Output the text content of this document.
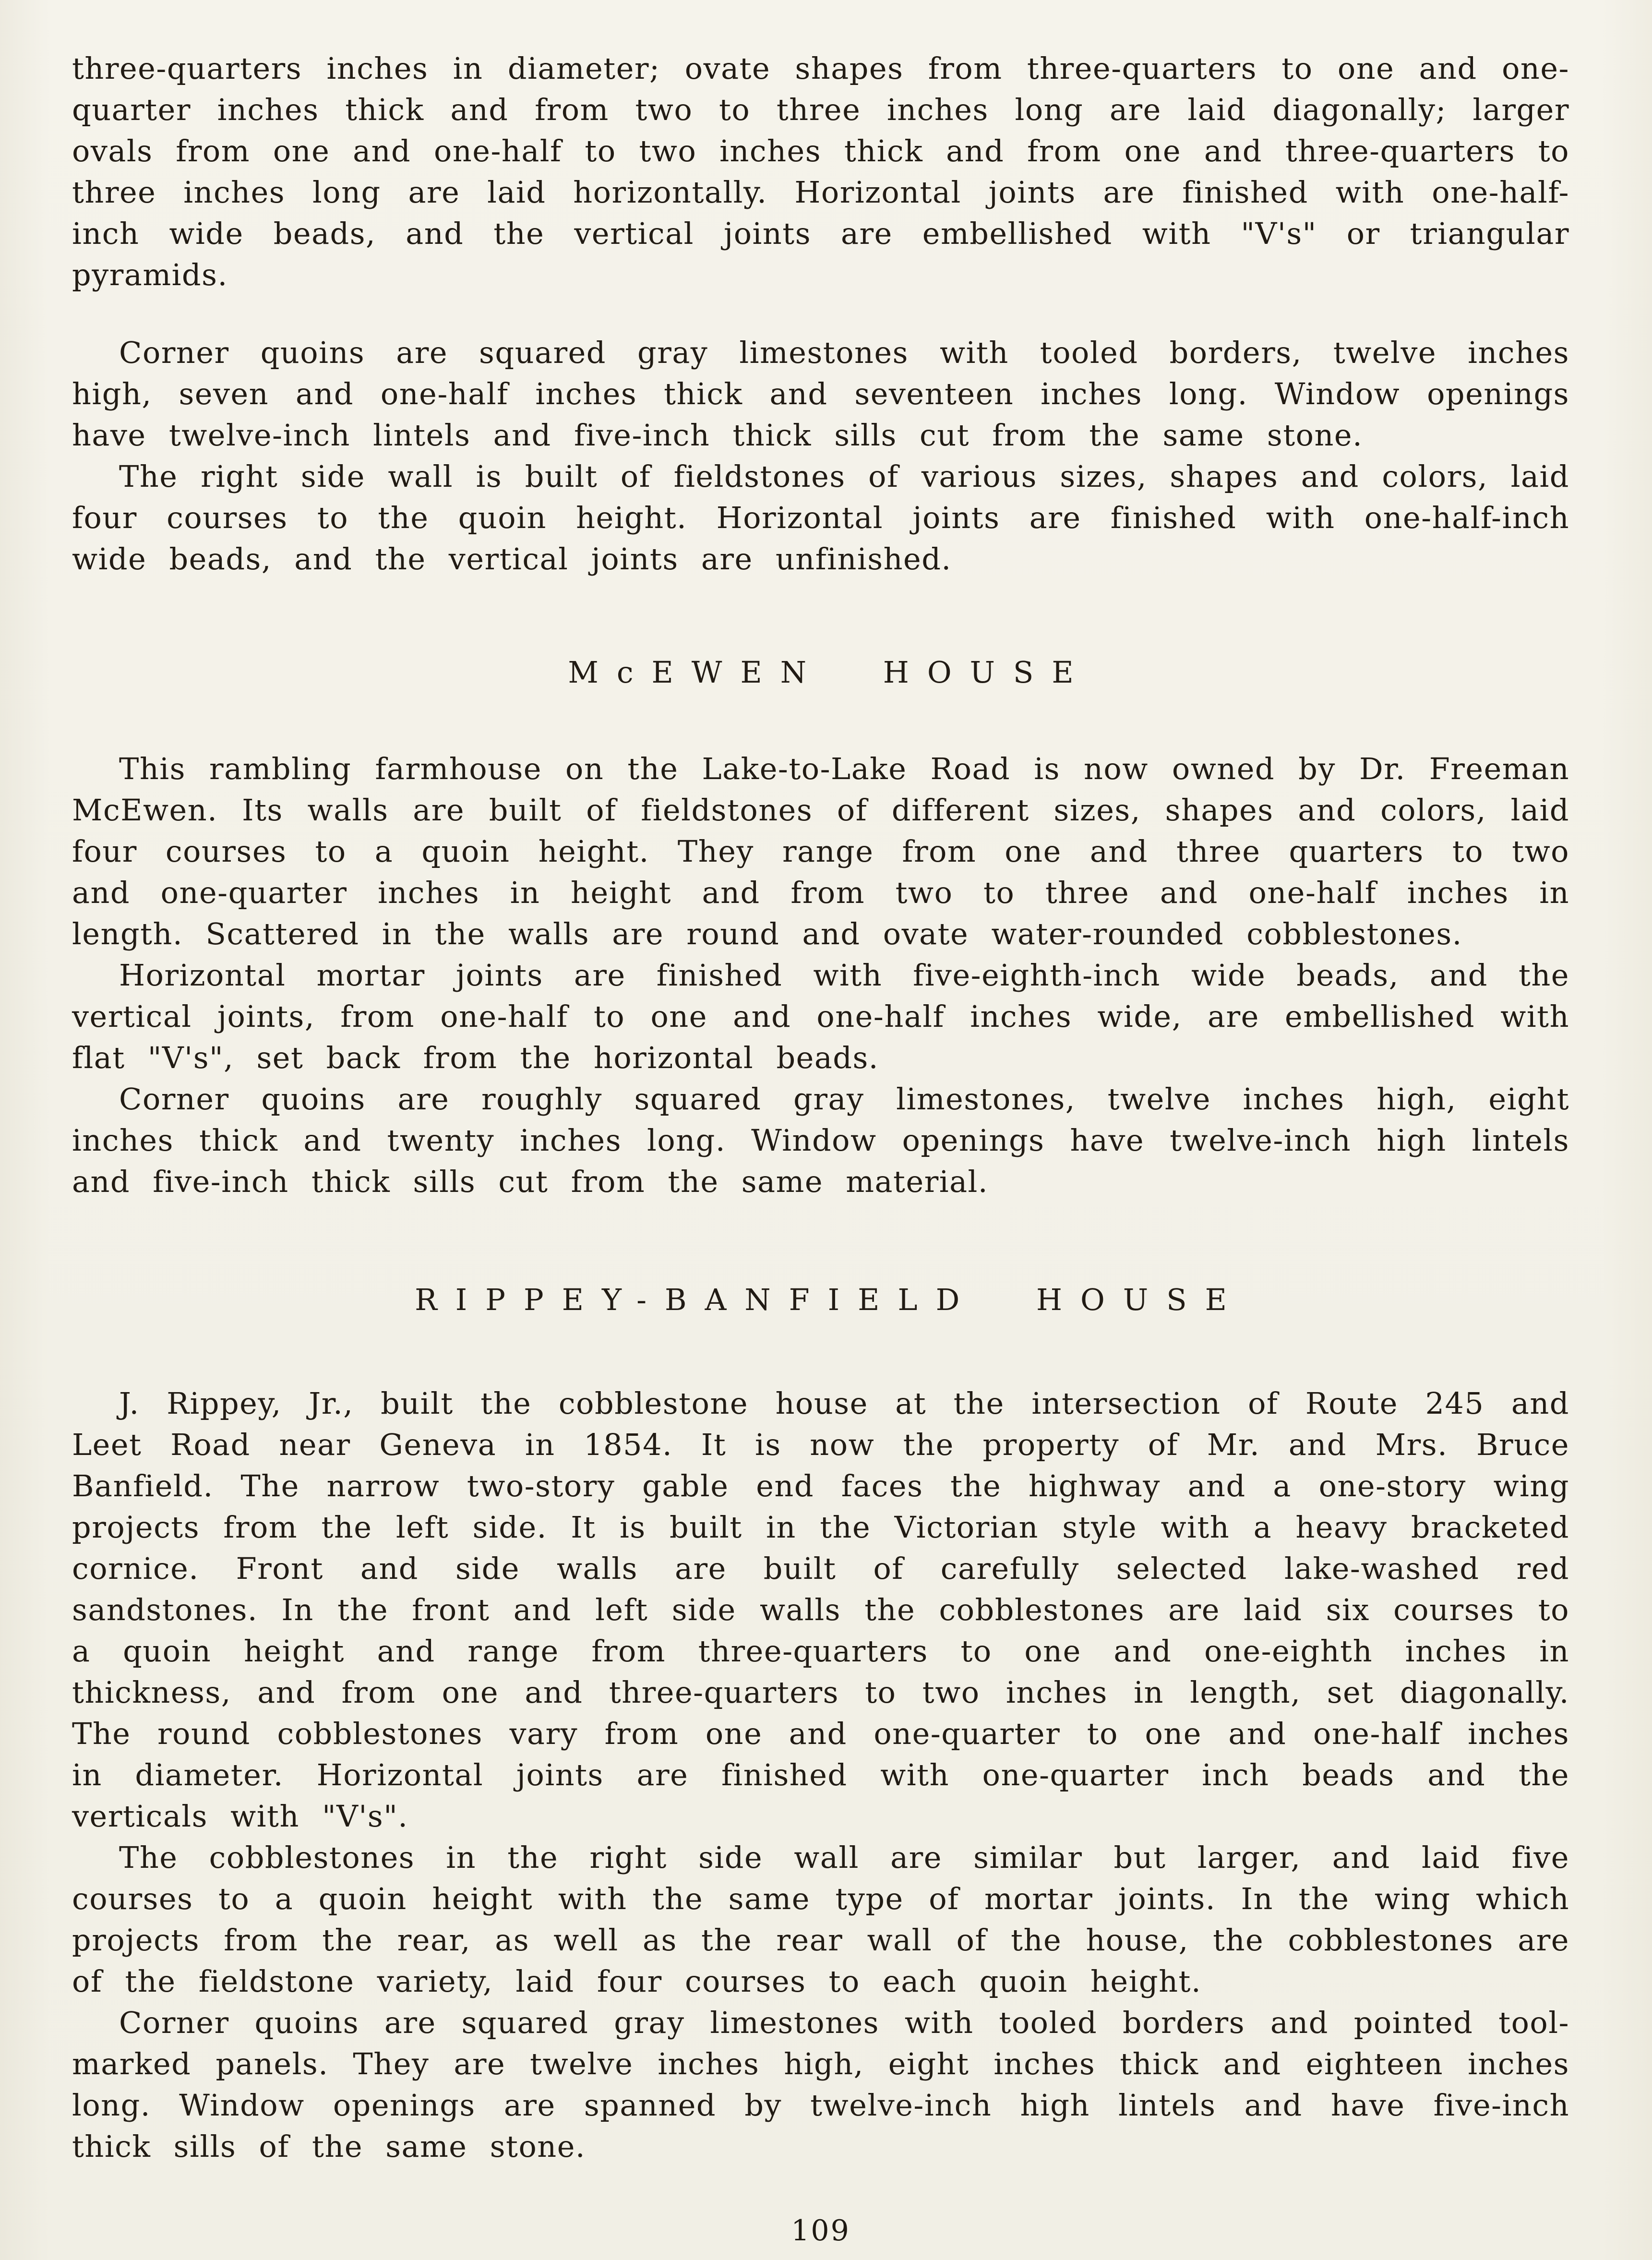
three-quarters inches in diameter; ovate shapes from three-quarters to one and one-quarter inches thick and from two to three inches long are laid diagonally; larger ovals from one and one-half to two inches thick and from one and three-quarters to three inches long are laid horizontally. Horizontal joints are finished with one-half-inch wide beads, and the vertical joints are embellished with "V's" or triangular pyramids.

Corner quoins are squared gray limestones with tooled borders, twelve inches high, seven and one-half inches thick and seventeen inches long. Window openings have twelve-inch lintels and five-inch thick sills cut from the same stone.

The right side wall is built of fieldstones of various sizes, shapes and colors, laid four courses to the quoin height. Horizontal joints are finished with one-half-inch wide beads, and the vertical joints are unfinished.

McEWEN HOUSE

This rambling farmhouse on the Lake-to-Lake Road is now owned by Dr. Freeman McEwen. Its walls are built of fieldstones of different sizes, shapes and colors, laid four courses to a quoin height. They range from one and three quarters to two and one-quarter inches in height and from two to three and one-half inches in length. Scattered in the walls are round and ovate water-rounded cobblestones.

Horizontal mortar joints are finished with five-eighth-inch wide beads, and the vertical joints, from one-half to one and one-half inches wide, are embellished with flat "V's", set back from the horizontal beads.

Corner quoins are roughly squared gray limestones, twelve inches high, eight inches thick and twenty inches long. Window openings have twelve-inch high lintels and five-inch thick sills cut from the same material.

RIPPEY-BANFIELD HOUSE

J. Rippey, Jr., built the cobblestone house at the intersection of Route 245 and Leet Road near Geneva in 1854. It is now the property of Mr. and Mrs. Bruce Banfield. The narrow two-story gable end faces the highway and a one-story wing projects from the left side. It is built in the Victorian style with a heavy bracketed cornice. Front and side walls are built of carefully selected lake-washed red sandstones. In the front and left side walls the cobblestones are laid six courses to a quoin height and range from three-quarters to one and one-eighth inches in thickness, and from one and three-quarters to two inches in length, set diagonally. The round cobblestones vary from one and one-quarter to one and one-half inches in diameter. Horizontal joints are finished with one-quarter inch beads and the verticals with "V's".

The cobblestones in the right side wall are similar but larger, and laid five courses to a quoin height with the same type of mortar joints. In the wing which projects from the rear, as well as the rear wall of the house, the cobblestones are of the fieldstone variety, laid four courses to each quoin height.

Corner quoins are squared gray limestones with tooled borders and pointed tool-marked panels. They are twelve inches high, eight inches thick and eighteen inches long. Window openings are spanned by twelve-inch high lintels and have five-inch thick sills of the same stone.

109
